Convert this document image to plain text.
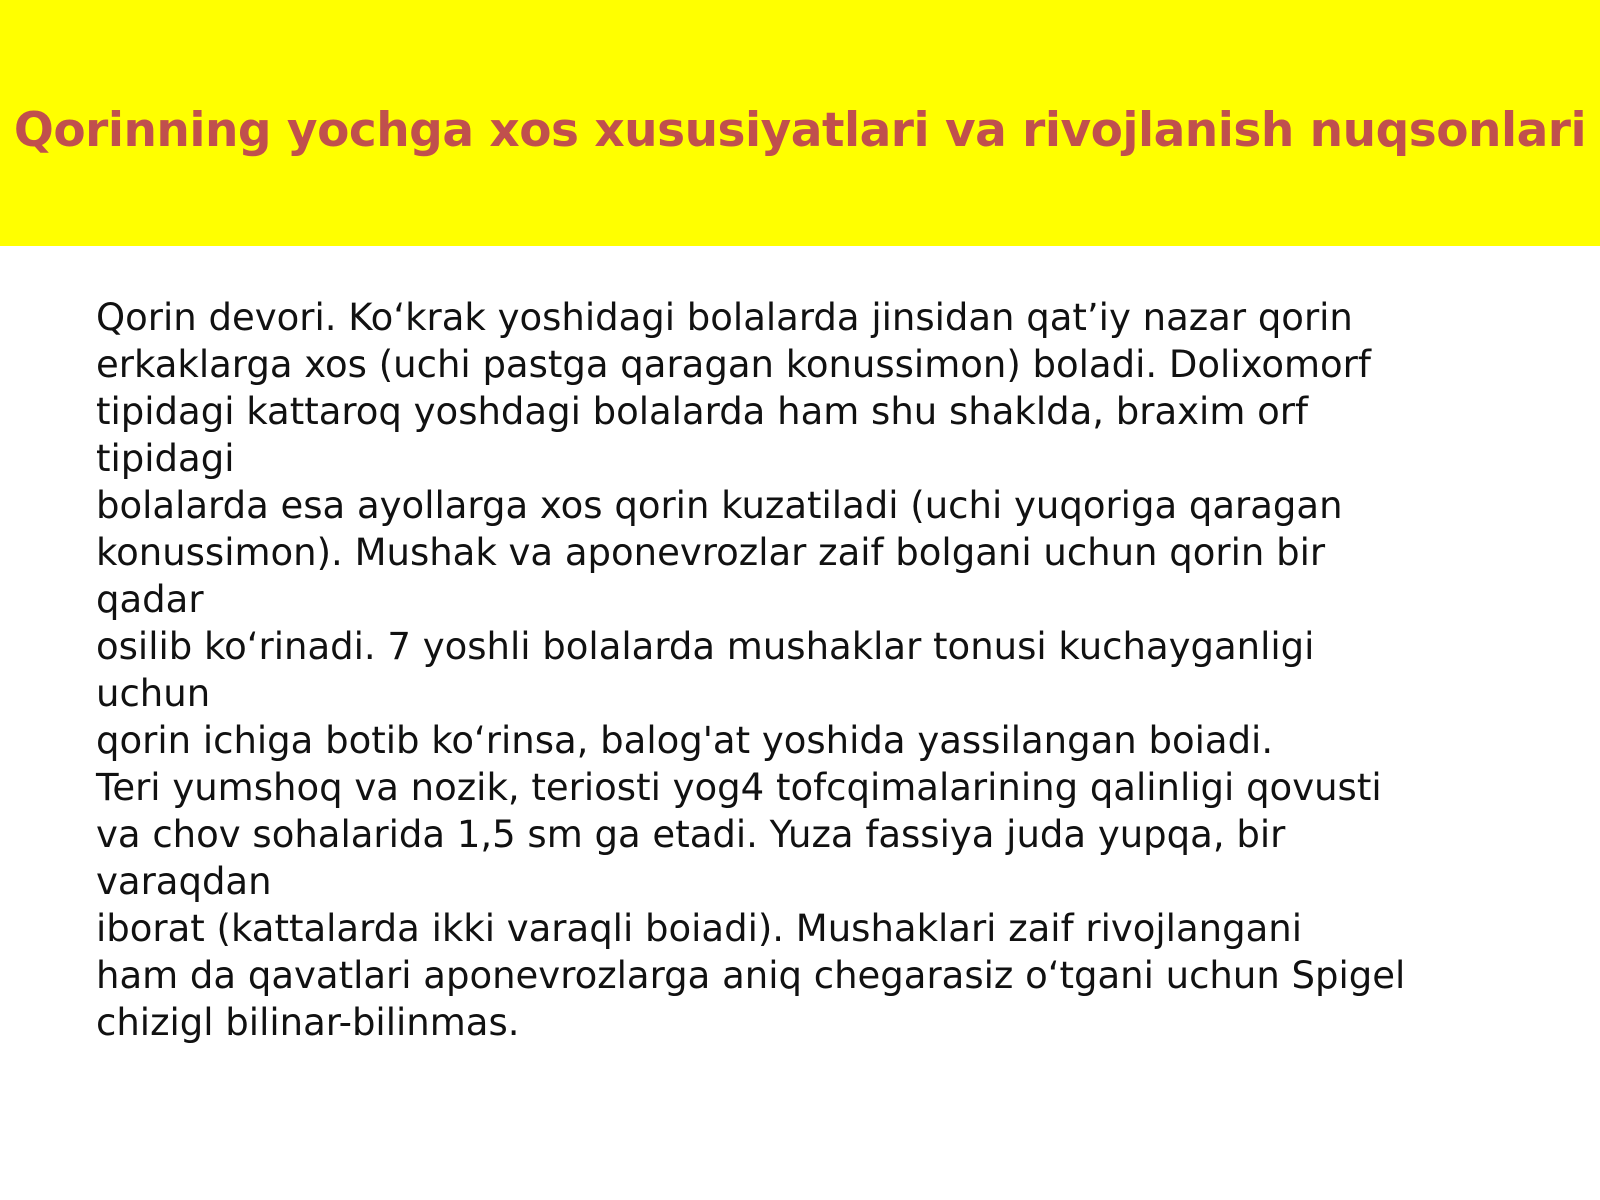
Qorinning yochga xos xususiyatlari va rivojlanish nuqsonlari
Qorin devori. Ko‘krak yoshidagi bolalarda jinsidan qat’iy nazar qorin
erkaklarga xos (uchi pastga qaragan konussimon) boladi. Dolixomorf
tipidagi kattaroq yoshdagi bolalarda ham shu shaklda, braxim orf
tipidagi
bolalarda esa ayollarga xos qorin kuzatiladi (uchi yuqoriga qaragan
konussimon). Mushak va aponevrozlar zaif bolgani uchun qorin bir
qadar
osilib ko‘rinadi. 7 yoshli bolalarda mushaklar tonusi kuchayganligi
uchun
qorin ichiga botib ko‘rinsa, balog'at yoshida yassilangan boiadi.
Teri yumshoq va nozik, teriosti yog4 tofcqimalarining qalinligi qovusti
va chov sohalarida 1,5 sm ga etadi. Yuza fassiya juda yupqa, bir
varaqdan
iborat (kattalarda ikki varaqli boiadi). Mushaklari zaif rivojlangani
ham da qavatlari aponevrozlarga aniq chegarasiz o‘tgani uchun Spigel
chizigl bilinar-bilinmas.
